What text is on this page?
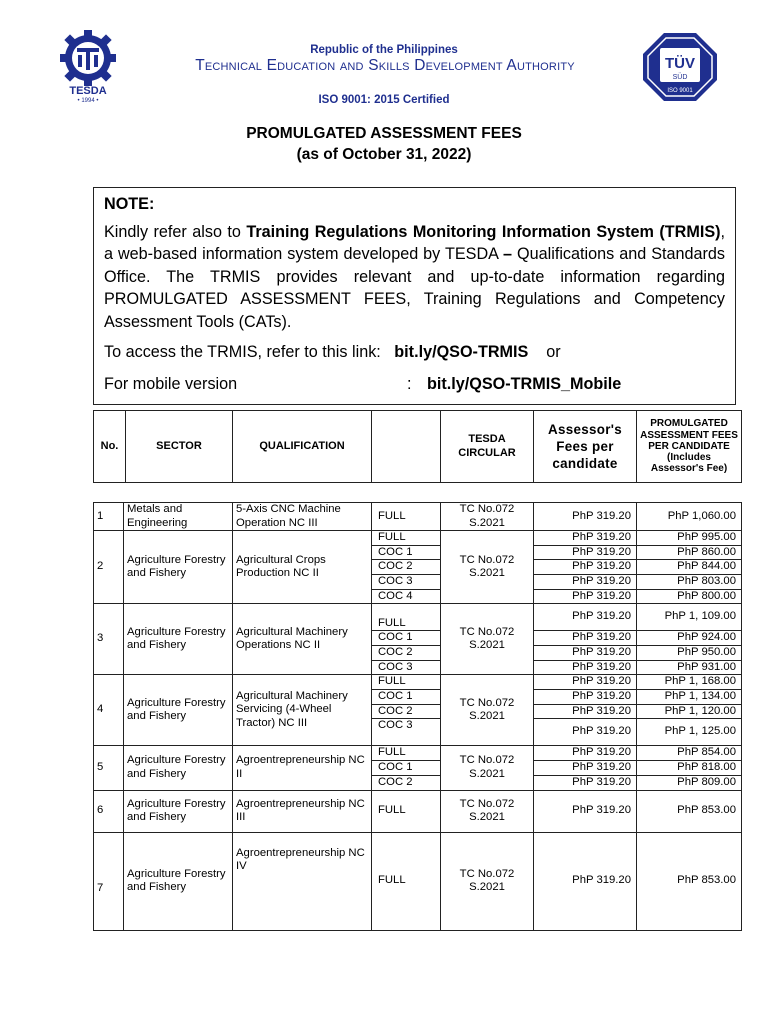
TESDA
• 1994 •
Republic of the Philippines
Technical Education and Skills Development Authority
ISO 9001: 2015 Certified
TÜV
SÜD
ISO 9001
PROMULGATED ASSESSMENT FEES
(as of October 31, 2022)

NOTE:

Kindly refer also to Training Regulations Monitoring Information System (TRMIS), a web-based information system developed by TESDA – Qualifications and Standards Office. The TRMIS provides relevant and up-to-date information regarding PROMULGATED ASSESSMENT FEES, Training Regulations and Competency Assessment Tools (CATs).

To access the TRMIS, refer to this link: bit.ly/QSO-TRMIS or

For mobile version	: bit.ly/QSO-TRMIS_Mobile
No.	SECTOR	QUALIFICATION		TESDA CIRCULAR	Assessor's Fees per candidate	PROMULGATED ASSESSMENT FEES PER CANDIDATE (Includes Assessor's Fee)
1	Metals and Engineering	5-Axis CNC Machine Operation NC III	FULL	TC No.072 S.2021	PhP 319.20	PhP 1,060.00
2	Agriculture Forestry and Fishery	Agricultural Crops Production NC II	FULL	TC No.072 S.2021	PhP 319.20	PhP 995.00
			COC 1		PhP 319.20	PhP 860.00
			COC 2		PhP 319.20	PhP 844.00
			COC 3		PhP 319.20	PhP 803.00
			COC 4		PhP 319.20	PhP 800.00
3	Agriculture Forestry and Fishery	Agricultural Machinery Operations NC II	FULL	TC No.072 S.2021	PhP 319.20	PhP 1, 109.00
			COC 1		PhP 319.20	PhP 924.00
			COC 2		PhP 319.20	PhP 950.00
			COC 3		PhP 319.20	PhP 931.00
4	Agriculture Forestry and Fishery	Agricultural Machinery Servicing (4-Wheel Tractor) NC III	FULL	TC No.072 S.2021	PhP 319.20	PhP 1, 168.00
			COC 1		PhP 319.20	PhP 1, 134.00
			COC 2		PhP 319.20	PhP 1, 120.00
			COC 3		PhP 319.20	PhP 1, 125.00
5	Agriculture Forestry and Fishery	Agroentrepreneurship NC II	FULL	TC No.072 S.2021	PhP 319.20	PhP 854.00
			COC 1		PhP 319.20	PhP 818.00
			COC 2		PhP 319.20	PhP 809.00
6	Agriculture Forestry and Fishery	Agroentrepreneurship NC III	FULL	TC No.072 S.2021	PhP 319.20	PhP 853.00
7	Agriculture Forestry and Fishery	Agroentrepreneurship NC IV	FULL	TC No.072 S.2021	PhP 319.20	PhP 853.00
